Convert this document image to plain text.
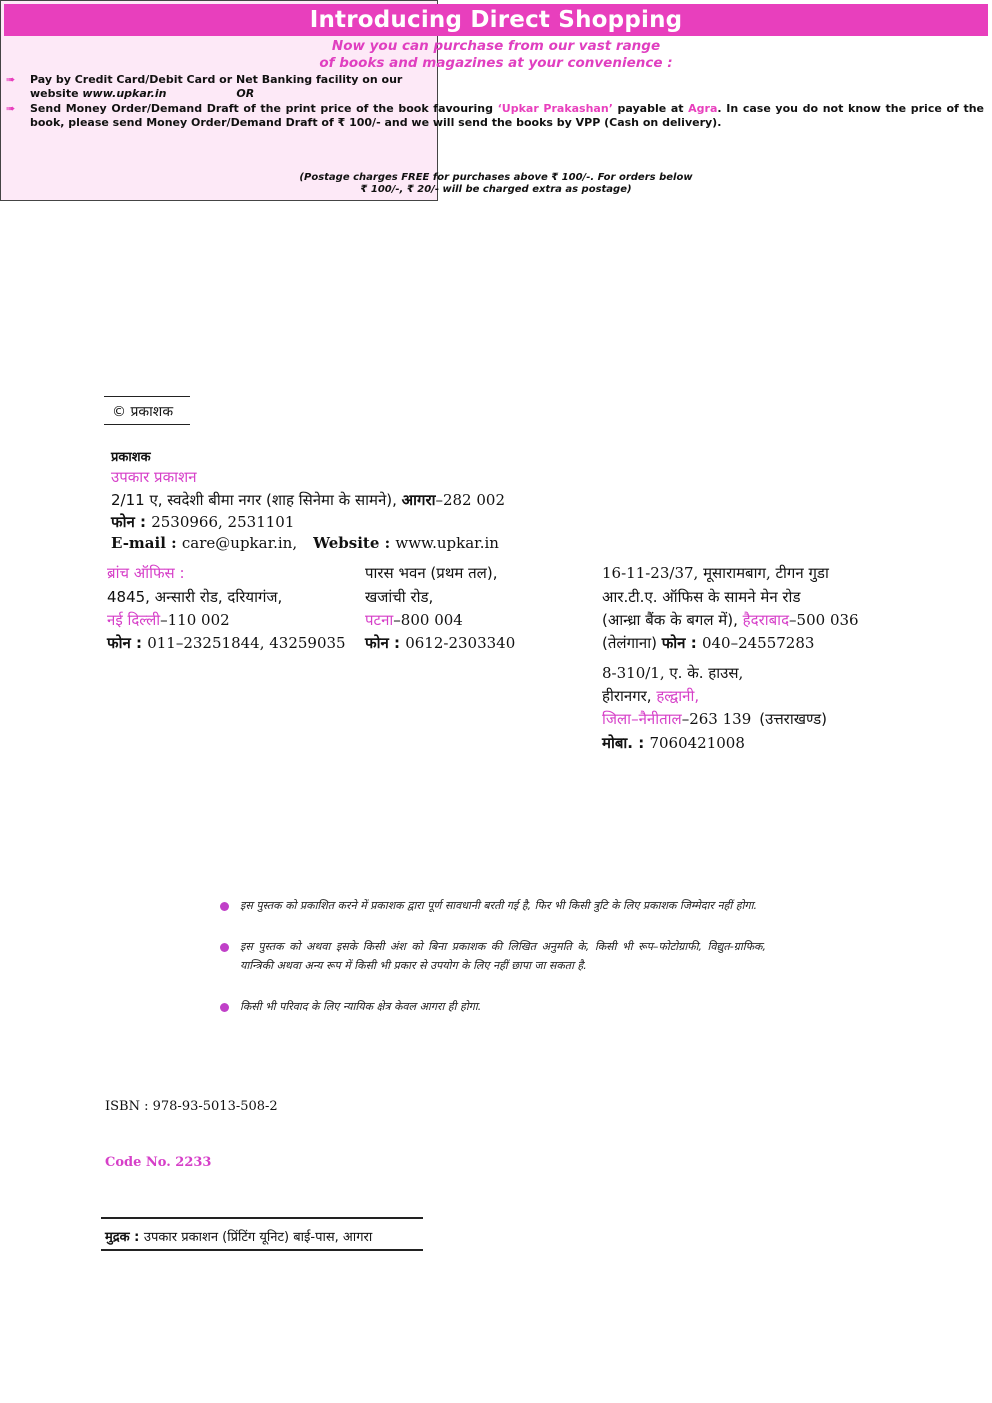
Introducing Direct Shopping
Now you can purchase from our vast range
of books and magazines at your convenience :
➠ Pay by Credit Card/Debit Card or Net Banking facility on our
website www.upkar.in	OR
➠ Send Money Order/Demand Draft of the print price of the book favouring ‘Upkar Prakashan’ payable at Agra. In case you do not know the price of the book, please send Money Order/Demand Draft of ₹ 100/- and we will send the books by VPP (Cash on delivery).
(Postage charges FREE for purchases above ₹ 100/-. For orders below
₹ 100/-, ₹ 20/- will be charged extra as postage)
© प्रकाशक
प्रकाशक
उपकार प्रकाशन
2/11 ए, स्वदेशी बीमा नगर (शाह सिनेमा के सामने), आगरा–282 002
फोन : 2530966, 2531101
E-mail : care@upkar.in, Website : www.upkar.in
ब्रांच ऑफिस :
4845, अन्सारी रोड, दरियागंज,
नई दिल्ली–110 002
फोन : 011–23251844, 43259035
पारस भवन (प्रथम तल),
खजांची रोड,
पटना–800 004
फोन : 0612-2303340
16-11-23/37, मूसारामबाग, टीगन गुडा
आर.टी.ए. ऑफिस के सामने मेन रोड
(आन्ध्रा बैंक के बगल में), हैदराबाद–500 036
(तेलंगाना) फोन : 040–24557283
8-310/1, ए. के. हाउस,
हीरानगर, हल्द्वानी,
जिला–नैनीताल–263 139 (उत्तराखण्ड)
मोबा. : 7060421008
इस पुस्तक को प्रकाशित करने में प्रकाशक द्वारा पूर्ण सावधानी बरती गई है, फिर भी किसी त्रुटि के लिए प्रकाशक जिम्मेदार नहीं होगा.
इस पुस्तक को अथवा इसके किसी अंश को बिना प्रकाशक की लिखित अनुमति के, किसी भी रूप–फोटोग्राफी, विद्युत-ग्राफिक, यान्त्रिकी अथवा अन्य रूप में किसी भी प्रकार से उपयोग के लिए नहीं छापा जा सकता है.
किसी भी परिवाद के लिए न्यायिक क्षेत्र केवल आगरा ही होगा.
ISBN : 978-93-5013-508-2
Code No. 2233
मुद्रक : उपकार प्रकाशन (प्रिंटिंग यूनिट) बाई-पास, आगरा
